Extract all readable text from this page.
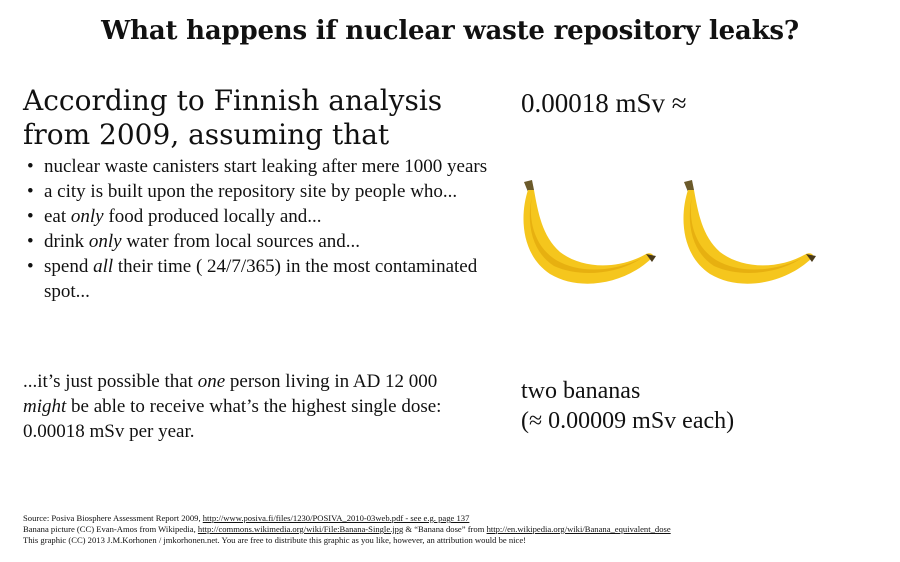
What happens if nuclear waste repository leaks?

According to Finnish analysis
from 2009, assuming that

• nuclear waste canisters start leaking after mere 1000 years
• a city is built upon the repository site by people who...
• eat only food produced locally and...
• drink only water from local sources and...
• spend all their time ( 24/7/365) in the most contaminated spot...
...it’s just possible that one person living in AD 12 000 might be able to receive what’s the highest single dose: 0.00018 mSv per year.
0.00018 mSv ≈
two bananas
(≈ 0.00009 mSv each)
Source: Posiva Biosphere Assessment Report 2009, http://www.posiva.fi/files/1230/POSIVA_2010-03web.pdf - see e.g. page 137
Banana picture (CC) Evan-Amos from Wikipedia, http://commons.wikimedia.org/wiki/File:Banana-Single.jpg & “Banana dose” from http://en.wikipedia.org/wiki/Banana_equivalent_dose
This graphic (CC) 2013 J.M.Korhonen / jmkorhonen.net. You are free to distribute this graphic as you like, however, an attribution would be nice!
